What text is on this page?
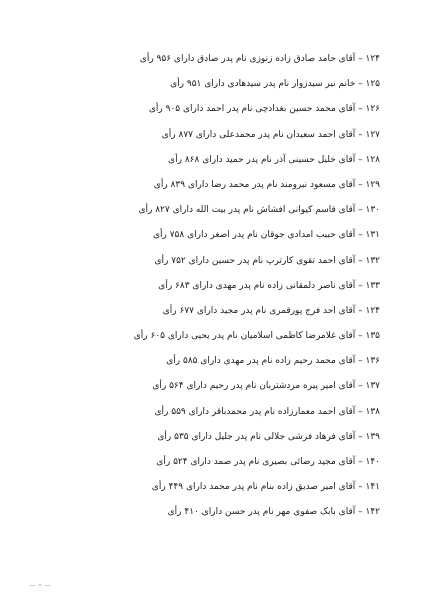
۱۲۴ – آقای حامد صادق زاده زنوزی نام پدر صادق دارای ۹۵۶ رأی
۱۲۵ – خانم نیر سیدزوار نام پدر سیدهادی دارای ۹۵۱ رأی
۱۲۶ – آقای محمد حسین بغدادچی نام پدر احمد دارای ۹۰۵ رأی
۱۲۷ – آقای احمد سعیدان نام پدر محمدعلی دارای ۸۷۷ رأی
۱۲۸ – آقای خلیل حسینی آذر نام پدر حمید دارای ۸۶۸ رأی
۱۲۹ – آقای مسعود نیرومند نام پدر محمد رضا دارای ۸۳۹ رأی
۱۳۰ – آقای قاسم کیوانی افشاش نام پدر بیت الله دارای ۸۲۷ رأی
۱۳۱ – آقای حبیب امدادی جوقان نام پدر اصغر دارای ۷۵۸ رأی
۱۳۲ – آقای احمد تقوی کارترپ نام پدر حسین دارای ۷۵۲ رأی
۱۳۳ – آقای ناصر دلمقانی زاده نام پدر مهدی دارای ۶۸۳ رأی
۱۲۴ – آقای احد فرج پورقمری نام پدر مجید دارای ۶۷۷ رأی
۱۳۵ – آقای غلامرضا کاظمی اسلامیان نام پدر یحیی دارای ۶۰۵ رأی
۱۳۶ – آقای محمد رحیم زاده نام پدر مهدی دارای ۵۸۵ رأی
۱۳۷ – آقای امیر پیره مردشتربان نام پدر رحیم دارای ۵۶۴ رأی
۱۳۸ – آقای احمد معمارزاده نام پدر محمدباقر دارای ۵۵۹ رأی
۱۳۹ – آقای فرهاد فرشی جلالی نام پدر جلیل دارای ۵۳۵ رأی
۱۴۰ – آقای مجید رضائی بصیری نام پدر صمد دارای ۵۲۴ رأی
۱۴۱ – آقای امیر صدیق زاده بنام نام پدر محمد دارای ۴۴۹ رأی
۱۴۲ – آقای بابک صفوی مهر نام پدر حسن دارای ۴۱۰ رأی
